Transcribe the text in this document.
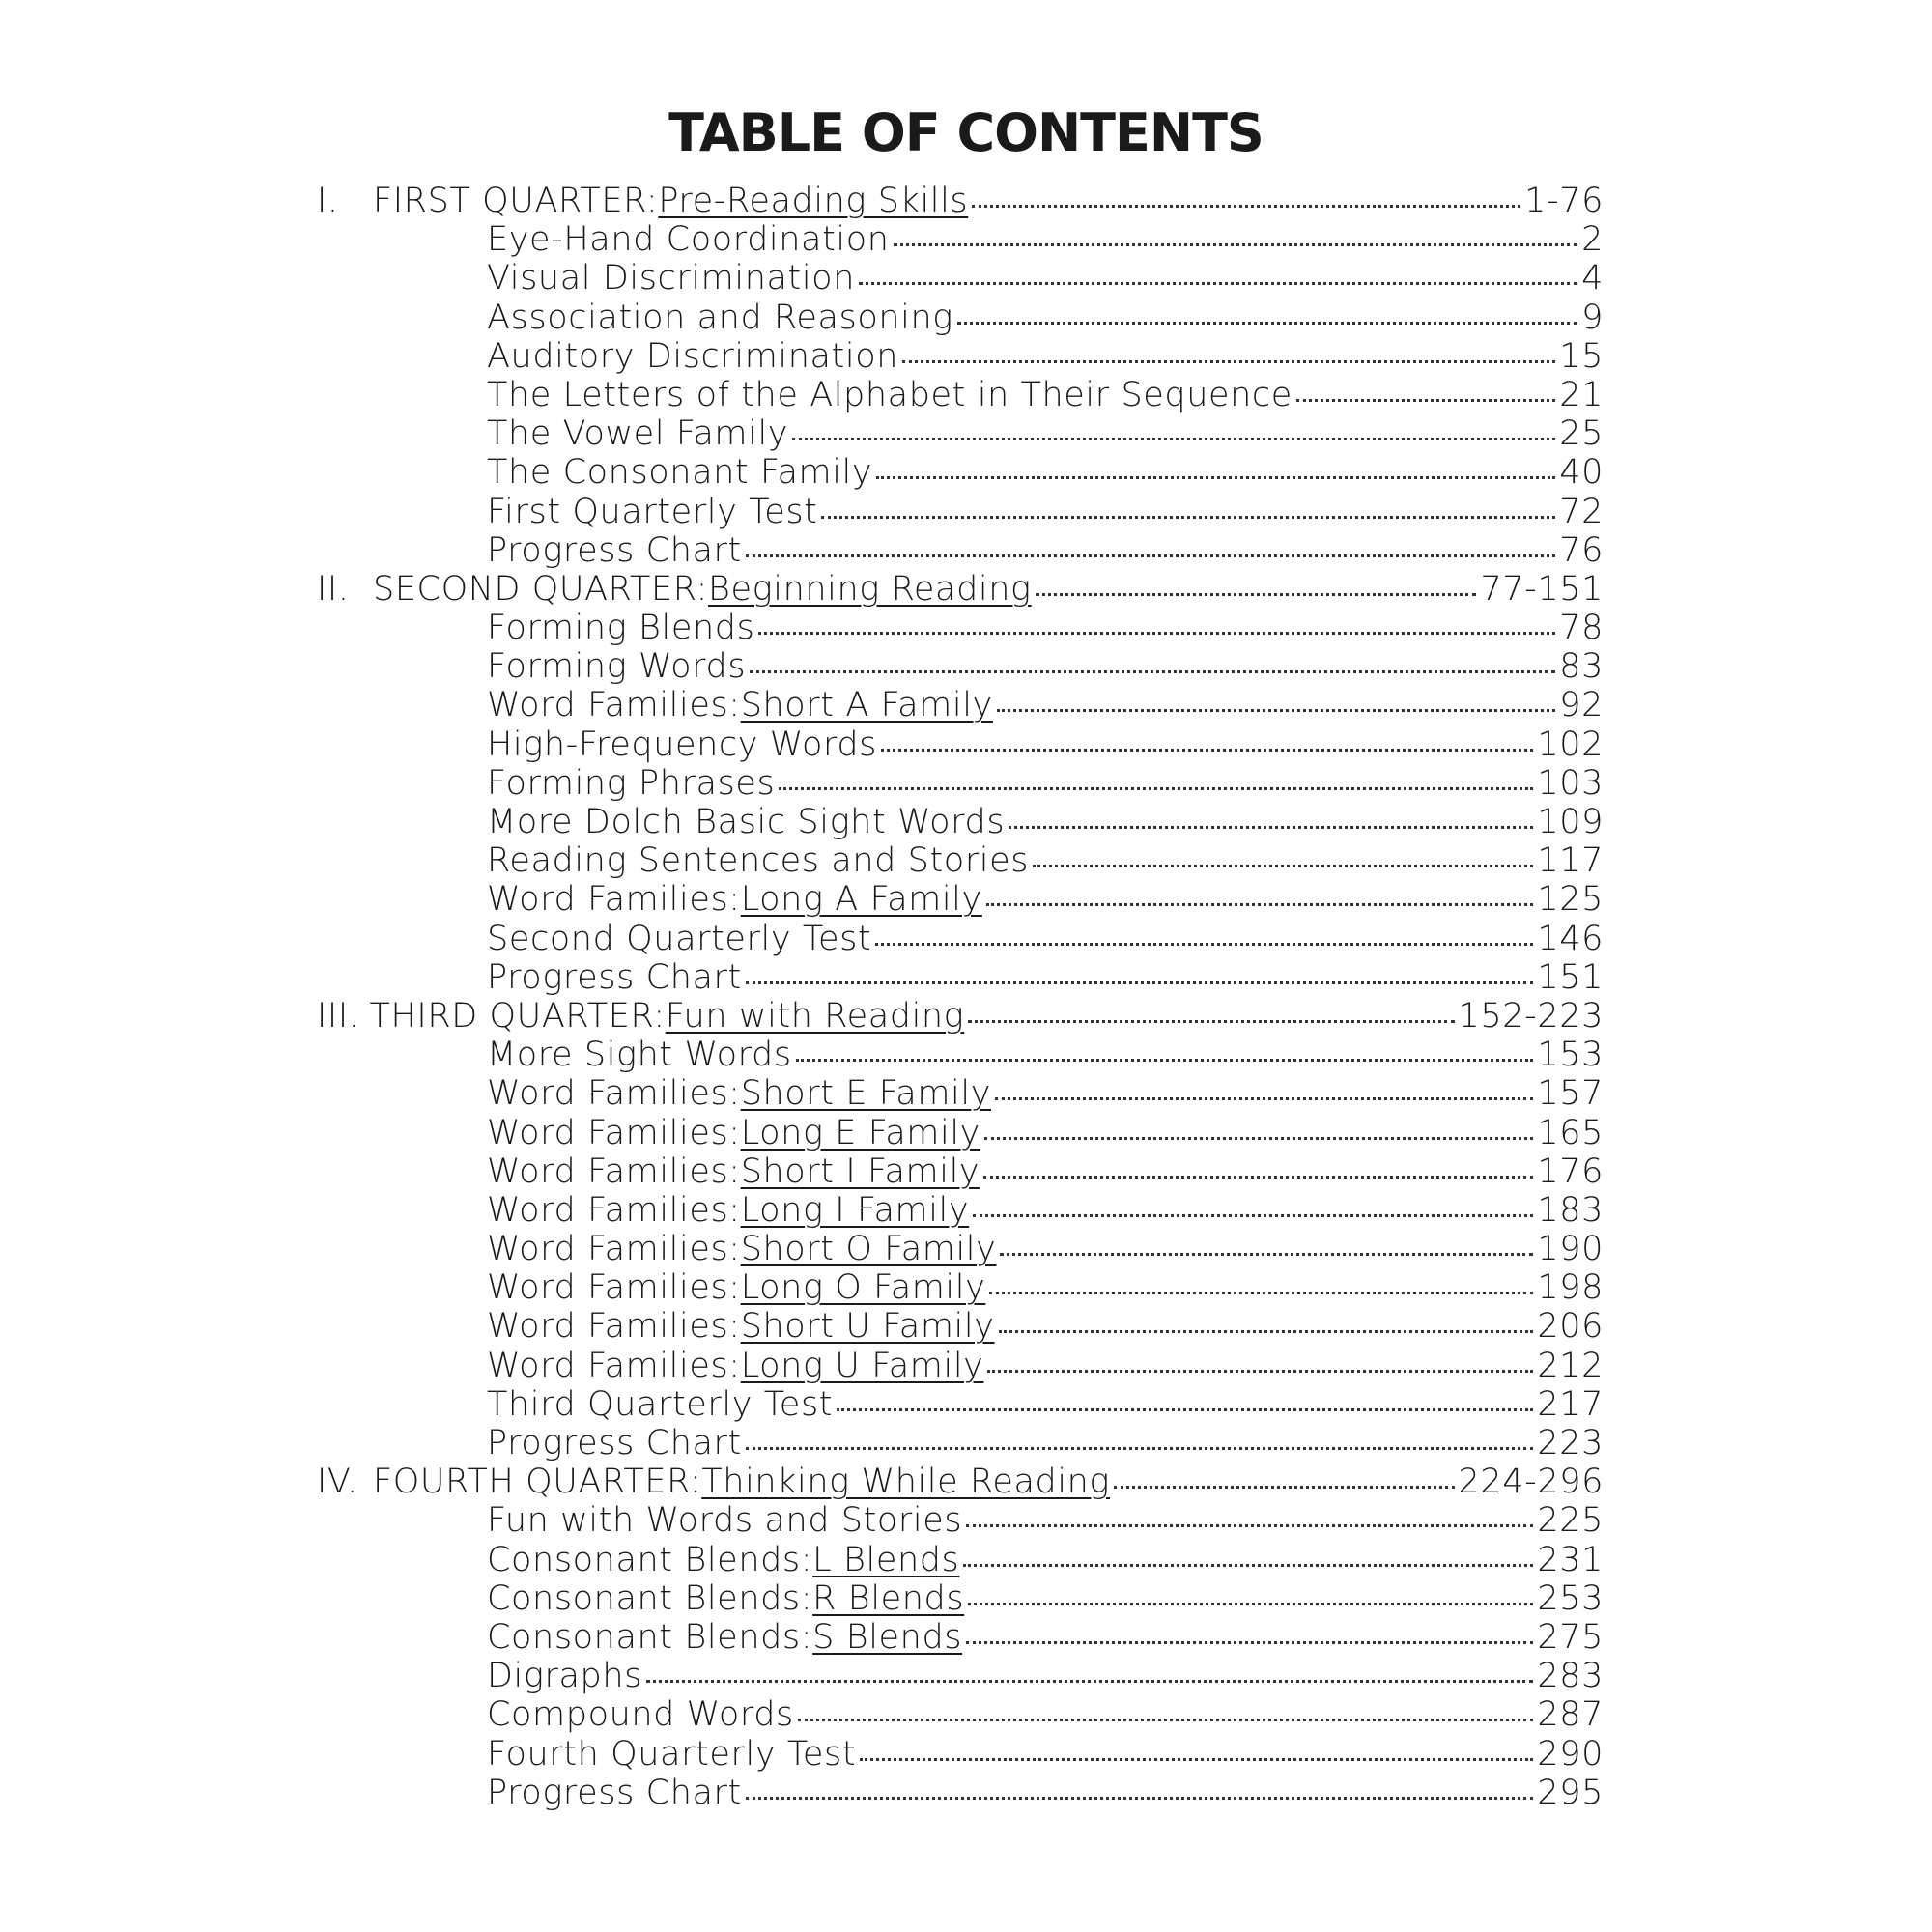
TABLE OF CONTENTS
I.	FIRST QUARTER: Pre-Reading Skills	1-76
Eye-Hand Coordination	2
Visual Discrimination	4
Association and Reasoning	9
Auditory Discrimination	15
The Letters of the Alphabet in Their Sequence	21
The Vowel Family	25
The Consonant Family	40
First Quarterly Test	72
Progress Chart	76
II. SECOND QUARTER: Beginning Reading	77-151
Forming Blends	78
Forming Words	83
Word Families: Short A Family	92
High-Frequency Words	102
Forming Phrases	103
More Dolch Basic Sight Words	109
Reading Sentences and Stories	117
Word Families: Long A Family	125
Second Quarterly Test	146
Progress Chart	151
III. THIRD QUARTER: Fun with Reading	152-223
More Sight Words	153
Word Families: Short E Family	157
Word Families: Long E Family	165
Word Families: Short I Family	176
Word Families: Long I Family	183
Word Families: Short O Family	190
Word Families: Long O Family	198
Word Families: Short U Family	206
Word Families: Long U Family	212
Third Quarterly Test	217
Progress Chart	223
IV. FOURTH QUARTER: Thinking While Reading	224-296
Fun with Words and Stories	225
Consonant Blends: L Blends	231
Consonant Blends: R Blends	253
Consonant Blends: S Blends	275
Digraphs	283
Compound Words	287
Fourth Quarterly Test	290
Progress Chart	295
